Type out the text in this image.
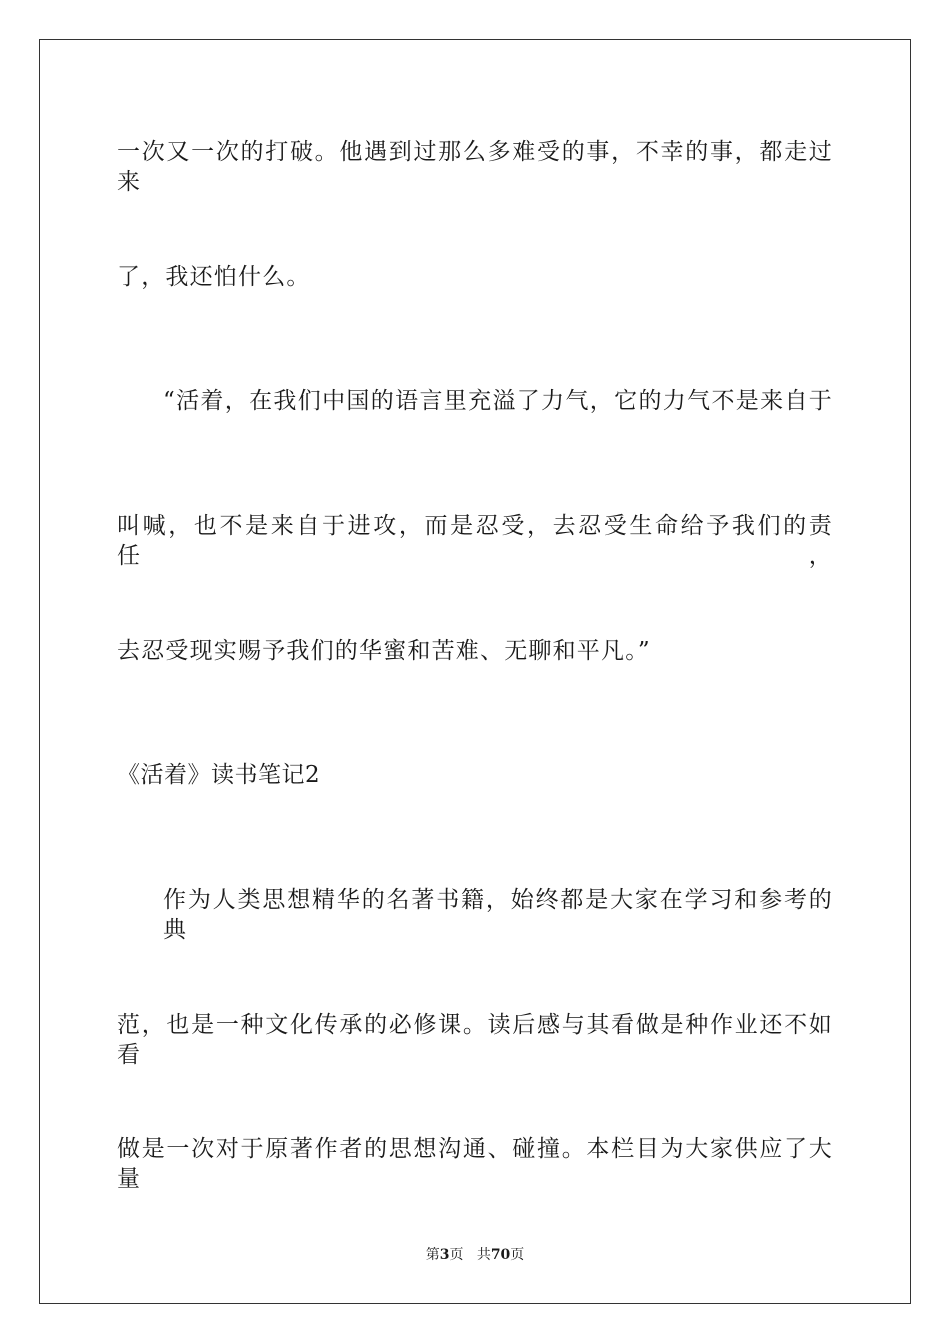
一次又一次的打破。他遇到过那么多难受的事，不幸的事，都走过来
了，我还怕什么。
“活着，在我们中国的语言里充溢了力气，它的力气不是来自于
叫喊，也不是来自于进攻，而是忍受，去忍受生命给予我们的责任，
去忍受现实赐予我们的华蜜和苦难、无聊和平凡。”
《活着》读书笔记2
作为人类思想精华的名著书籍，始终都是大家在学习和参考的典
范，也是一种文化传承的必修课。读后感与其看做是种作业还不如看
做是一次对于原著作者的思想沟通、碰撞。本栏目为大家供应了大量
第3页 共70页
